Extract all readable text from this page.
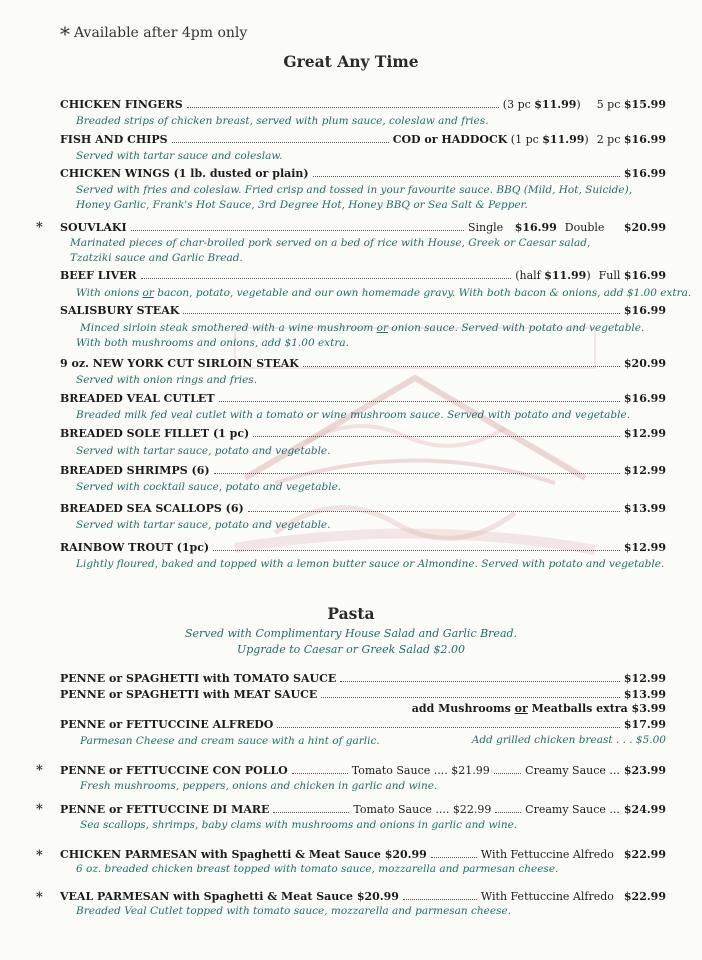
* Available after 4pm only
Great Any Time
CHICKEN FINGERS	(3 pc $11.99) 5 pc $15.99
Breaded strips of chicken breast, served with plum sauce, coleslaw and fries.
FISH AND CHIPS	COD or HADDOCK (1 pc $11.99) 2 pc $16.99
Served with tartar sauce and coleslaw.
CHICKEN WINGS (1 lb. dusted or plain)	$16.99
Served with fries and coleslaw. Fried crisp and tossed in your favourite sauce. BBQ (Mild, Hot, Suicide),
Honey Garlic, Frank's Hot Sauce, 3rd Degree Hot, Honey BBQ or Sea Salt & Pepper.
* SOUVLAKI	Single $16.99 Double $20.99
Marinated pieces of char-broiled pork served on a bed of rice with House, Greek or Caesar salad,
Tzatziki sauce and Garlic Bread.
BEEF LIVER	(half $11.99) Full $16.99
With onions or bacon, potato, vegetable and our own homemade gravy. With both bacon & onions, add $1.00 extra.
SALISBURY STEAK	$16.99
Minced sirloin steak smothered with a wine mushroom or onion sauce. Served with potato and vegetable.
With both mushrooms and onions, add $1.00 extra.
9 oz. NEW YORK CUT SIRLOIN STEAK	$20.99
Served with onion rings and fries.
BREADED VEAL CUTLET	$16.99
Breaded milk fed veal cutlet with a tomato or wine mushroom sauce. Served with potato and vegetable.
BREADED SOLE FILLET (1 pc)	$12.99
Served with tartar sauce, potato and vegetable.
BREADED SHRIMPS (6)	$12.99
Served with cocktail sauce, potato and vegetable.
BREADED SEA SCALLOPS (6)	$13.99
Served with tartar sauce, potato and vegetable.
RAINBOW TROUT (1pc)	$12.99
Lightly floured, baked and topped with a lemon butter sauce or Almondine. Served with potato and vegetable.
Pasta
Served with Complimentary House Salad and Garlic Bread.
Upgrade to Caesar or Greek Salad $2.00
PENNE or SPAGHETTI with TOMATO SAUCE	$12.99
PENNE or SPAGHETTI with MEAT SAUCE	$13.99
add Mushrooms or Meatballs extra $3.99
PENNE or FETTUCCINE ALFREDO	$17.99
Parmesan Cheese and cream sauce with a hint of garlic.	Add grilled chicken breast . . . $5.00
* PENNE or FETTUCCINE CON POLLO	Tomato Sauce .... $21.99	Creamy Sauce ... $23.99
Fresh mushrooms, peppers, onions and chicken in garlic and wine.
* PENNE or FETTUCCINE DI MARE	Tomato Sauce .... $22.99	Creamy Sauce ... $24.99
Sea scallops, shrimps, baby clams with mushrooms and onions in garlic and wine.
* CHICKEN PARMESAN with Spaghetti & Meat Sauce $20.99	With Fettuccine Alfredo $22.99
6 oz. breaded chicken breast topped with tomato sauce, mozzarella and parmesan cheese.
* VEAL PARMESAN with Spaghetti & Meat Sauce $20.99	With Fettuccine Alfredo $22.99
Breaded Veal Cutlet topped with tomato sauce, mozzarella and parmesan cheese.
